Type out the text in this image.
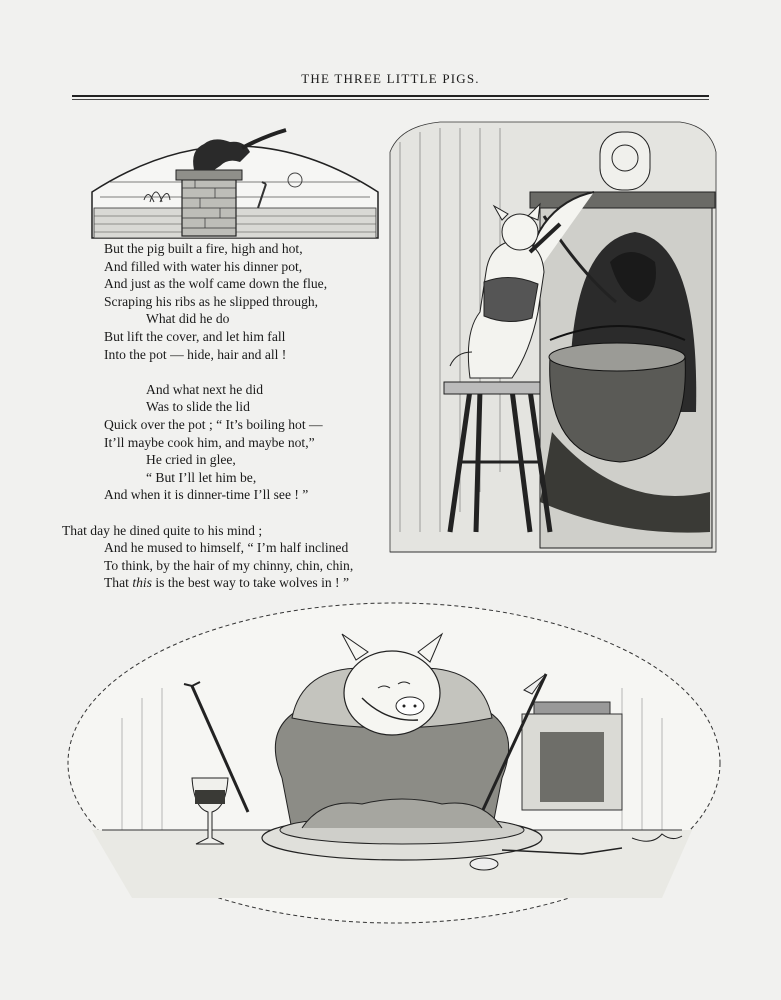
THE THREE LITTLE PIGS.
But the pig built a fire, high and hot,
And filled with water his dinner pot,
And just as the wolf came down the flue,
Scraping his ribs as he slipped through,
What did he do
But lift the cover, and let him fall
Into the pot — hide, hair and all !
And what next he did
Was to slide the lid
Quick over the pot ; “ It’s boiling hot —
It’ll maybe cook him, and maybe not,”
He cried in glee,
“ But I’ll let him be,
And when it is dinner-time I’ll see ! ”
That day he dined quite to his mind ;
And he mused to himself, “ I’m half inclined
To think, by the hair of my chinny, chin, chin,
That this is the best way to take wolves in ! ”
